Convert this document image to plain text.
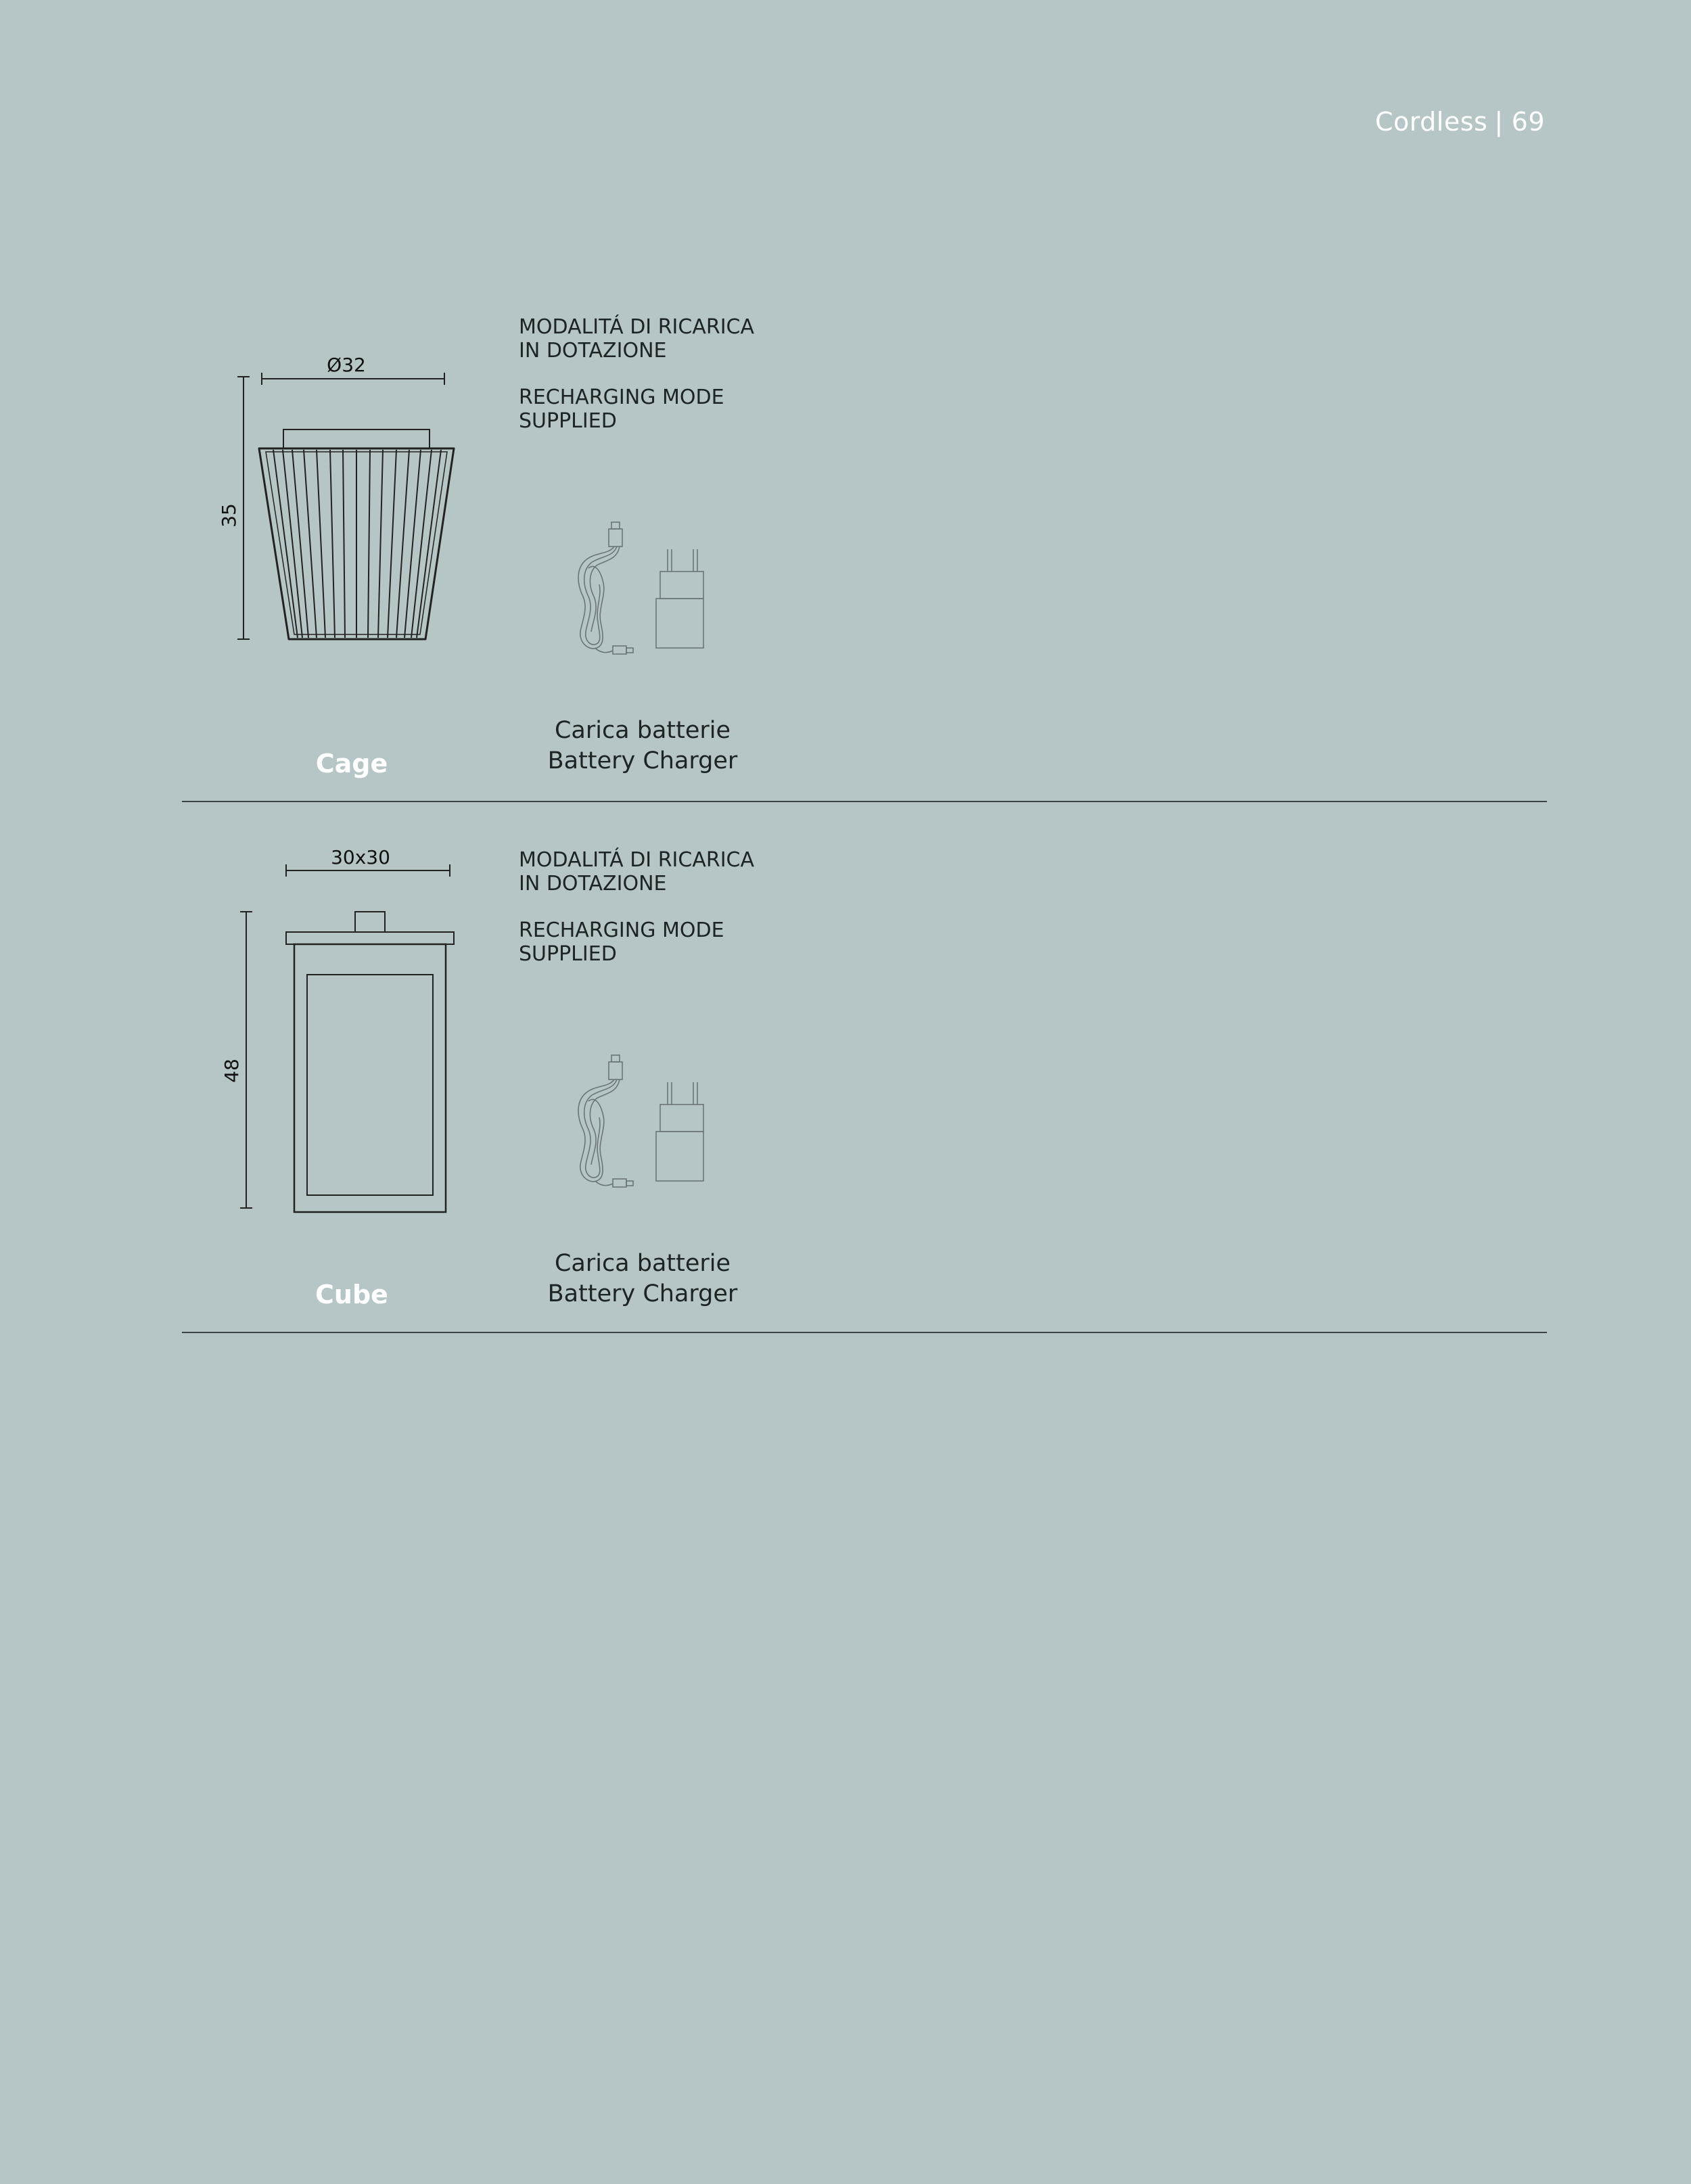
Cordless | 69
Ø32
35

MODALITÁ DI RICARICA

IN DOTAZIONE

RECHARGING MODE

SUPPLIED

Carica batterie
Battery Charger
Cage
30x30
48

MODALITÁ DI RICARICA

IN DOTAZIONE

RECHARGING MODE

SUPPLIED

Carica batterie
Battery Charger
Cube
